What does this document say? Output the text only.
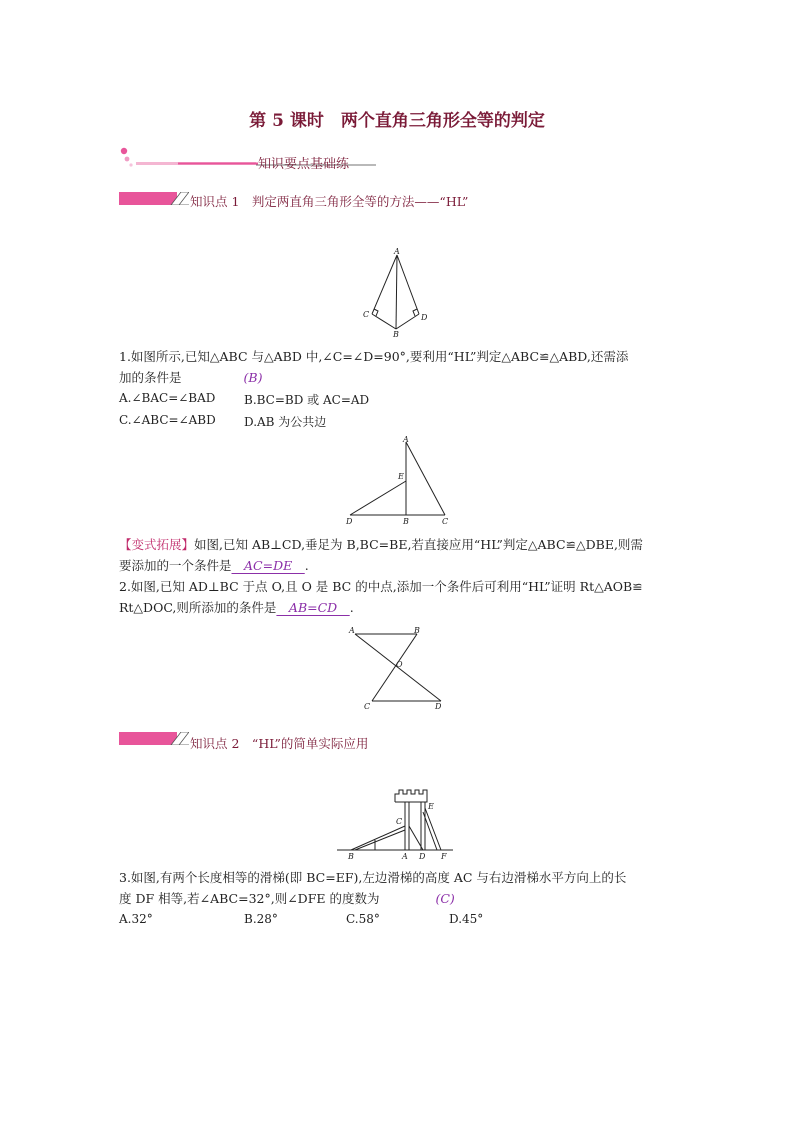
第 5 课时　两个直角三角形全等的判定
知识要点基础练
知识点 1　判定两直角三角形全等的方法——“HL”
A
C	D
B
1.如图所示,已知△ABC 与△ABD 中,∠C=∠D=90°,要利用“HL”判定△ABC≌△ABD,还需添
加的条件是	(B)
A.∠BAC=∠BAD B.BC=BD 或 AC=AD
C.∠ABC=∠ABD D.AB 为公共边
A
E
D	B	C
【变式拓展】如图,已知 AB⊥CD,垂足为 B,BC=BE,若直接应用“HL”判定△ABC≌△DBE,则需
要添加的一个条件是　AC=DE　.
2.如图,已知 AD⊥BC 于点 O,且 O 是 BC 的中点,添加一个条件后可利用“HL”证明 Rt△AOB≌
Rt△DOC,则所添加的条件是　AB=CD　.
A	B
O
C	D
知识点 2　“HL”的简单实际应用
B
C
A D
E
F
3.如图,有两个长度相等的滑梯(即 BC=EF),左边滑梯的高度 AC 与右边滑梯水平方向上的长
度 DF 相等,若∠ABC=32°,则∠DFE 的度数为	(C)
A.32°	B.28°	C.58°	D.45°
